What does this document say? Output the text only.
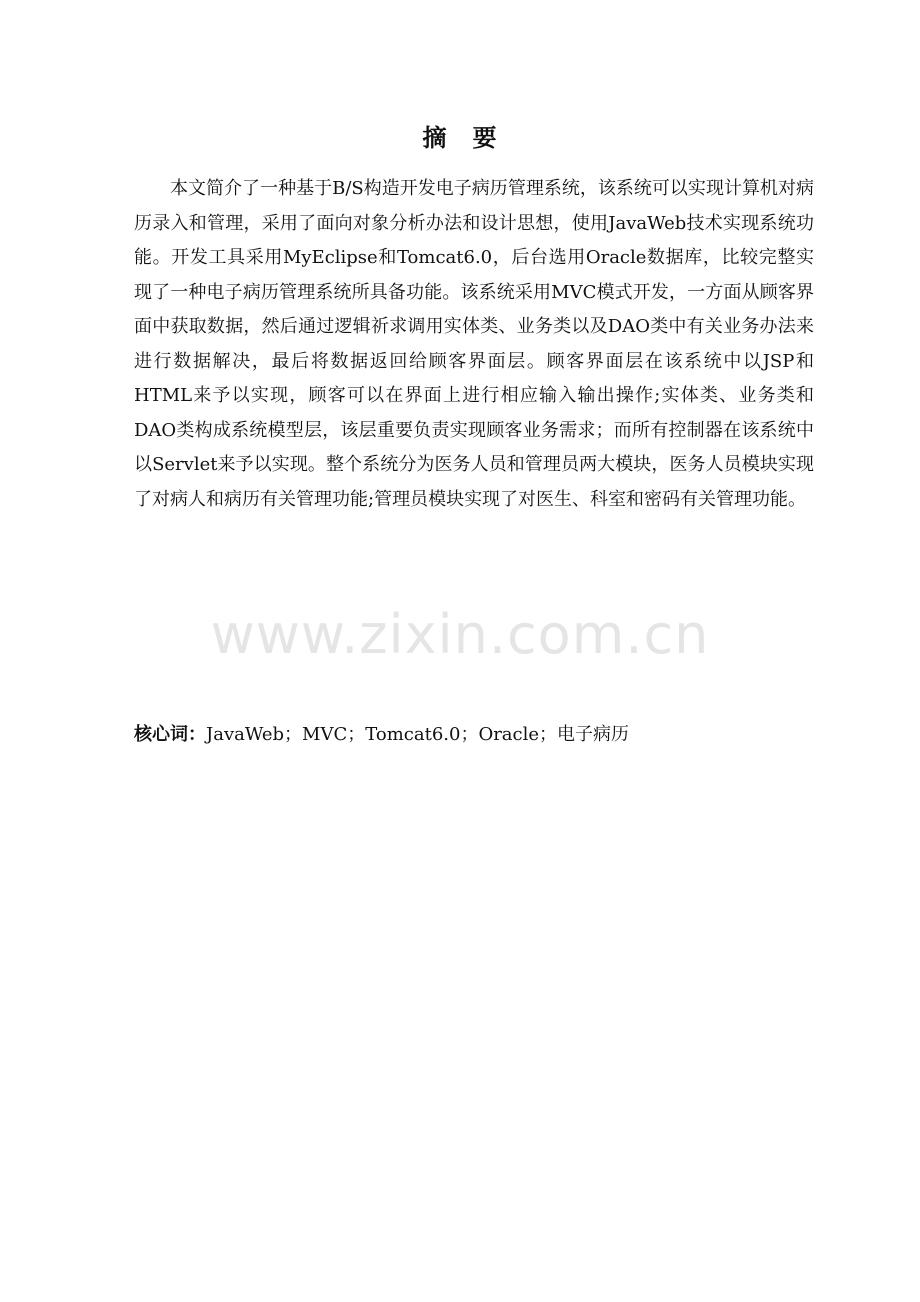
摘　要

本文简介了一种基于B/S构造开发电子病历管理系统，该系统可以实现计算机对病历录入和管理，采用了面向对象分析办法和设计思想，使用JavaWeb技术实现系统功能。开发工具采用MyEclipse和Tomcat6.0，后台选用Oracle数据库，比较完整实现了一种电子病历管理系统所具备功能。该系统采用MVC模式开发，一方面从顾客界面中获取数据，然后通过逻辑祈求调用实体类、业务类以及DAO类中有关业务办法来进行数据解决，最后将数据返回给顾客界面层。顾客界面层在该系统中以JSP和HTML来予以实现，顾客可以在界面上进行相应输入输出操作;实体类、业务类和DAO类构成系统模型层，该层重要负责实现顾客业务需求；而所有控制器在该系统中以Servlet来予以实现。整个系统分为医务人员和管理员两大模块，医务人员模块实现了对病人和病历有关管理功能;管理员模块实现了对医生、科室和密码有关管理功能。

核心词：JavaWeb；MVC；Tomcat6.0；Oracle；电子病历

www.zixin.com.cn
